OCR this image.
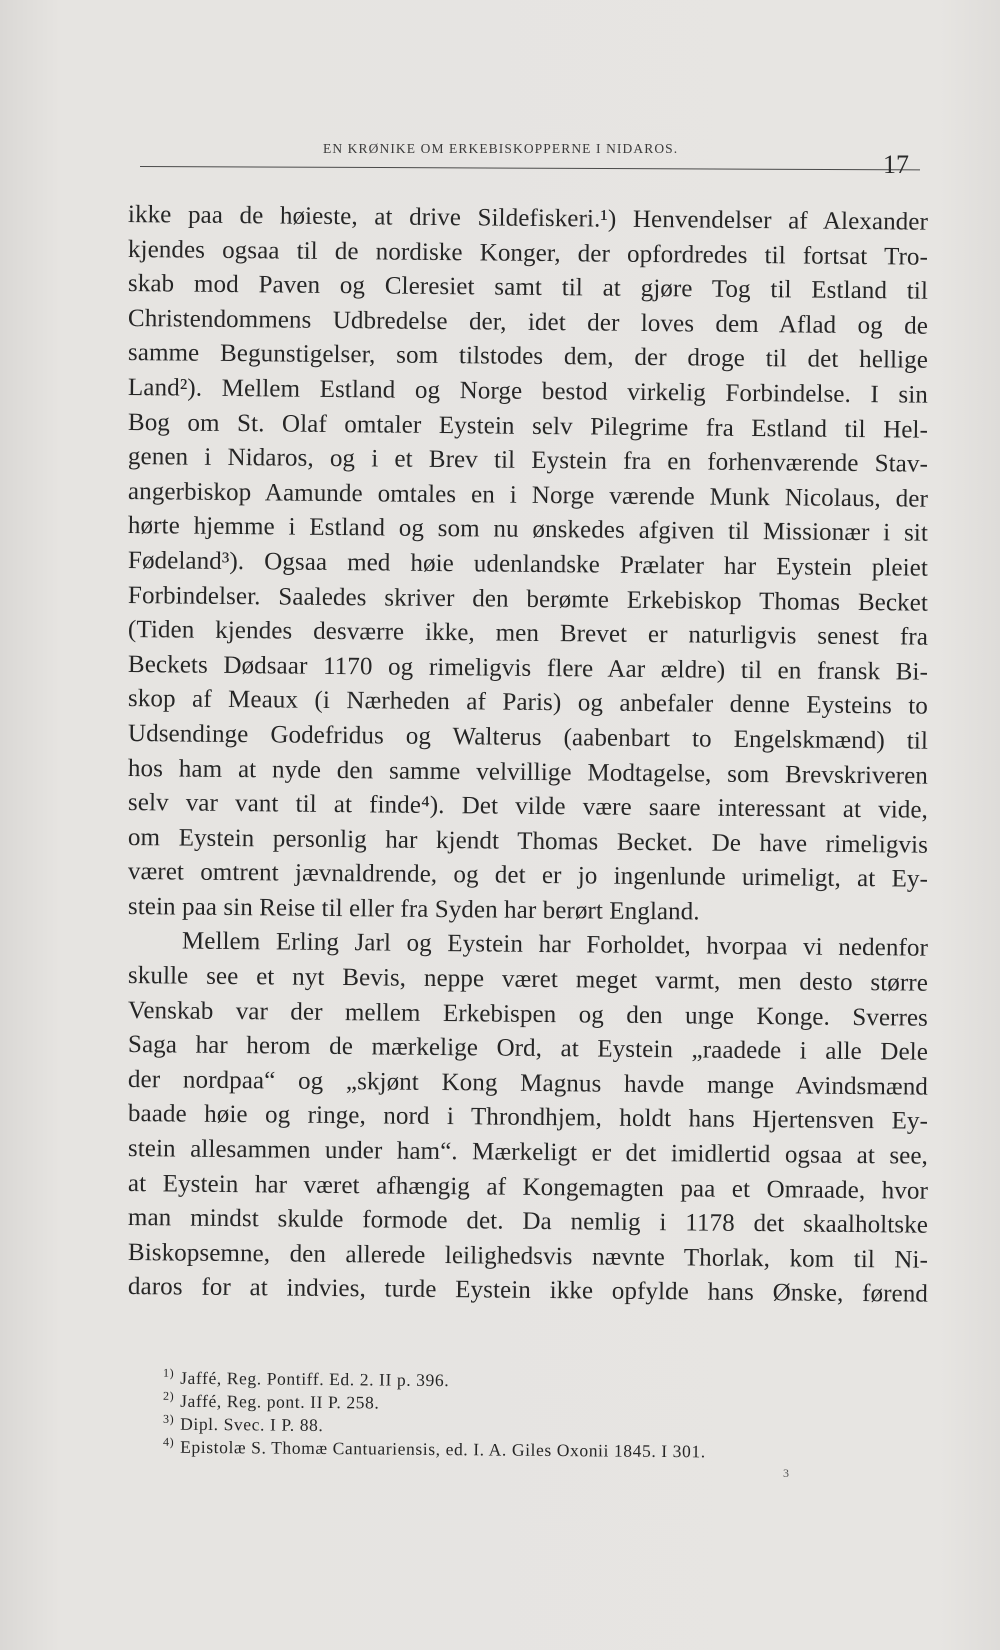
EN KRØNIKE OM ERKEBISKOPPERNE I NIDAROS.
17
ikke paa de høieste, at drive Sildefiskeri.¹) Henvendelser af Alexander
kjendes ogsaa til de nordiske Konger, der opfordredes til fortsat Tro-
skab mod Paven og Cleresiet samt til at gjøre Tog til Estland til
Christendommens Udbredelse der, idet der loves dem Aflad og de
samme Begunstigelser, som tilstodes dem, der droge til det hellige
Land²). Mellem Estland og Norge bestod virkelig Forbindelse. I sin
Bog om St. Olaf omtaler Eystein selv Pilegrime fra Estland til Hel-
genen i Nidaros, og i et Brev til Eystein fra en forhenværende Stav-
angerbiskop Aamunde omtales en i Norge værende Munk Nicolaus, der
hørte hjemme i Estland og som nu ønskedes afgiven til Missionær i sit
Fødeland³). Ogsaa med høie udenlandske Prælater har Eystein pleiet
Forbindelser. Saaledes skriver den berømte Erkebiskop Thomas Becket
(Tiden kjendes desværre ikke, men Brevet er naturligvis senest fra
Beckets Dødsaar 1170 og rimeligvis flere Aar ældre) til en fransk Bi-
skop af Meaux (i Nærheden af Paris) og anbefaler denne Eysteins to
Udsendinge Godefridus og Walterus (aabenbart to Engelskmænd) til
hos ham at nyde den samme velvillige Modtagelse, som Brevskriveren
selv var vant til at finde⁴). Det vilde være saare interessant at vide,
om Eystein personlig har kjendt Thomas Becket. De have rimeligvis
været omtrent jævnaldrende, og det er jo ingenlunde urimeligt, at Ey-
stein paa sin Reise til eller fra Syden har berørt England.
Mellem Erling Jarl og Eystein har Forholdet, hvorpaa vi nedenfor
skulle see et nyt Bevis, neppe været meget varmt, men desto større
Venskab var der mellem Erkebispen og den unge Konge. Sverres
Saga har herom de mærkelige Ord, at Eystein „raadede i alle Dele
der nordpaa“ og „skjønt Kong Magnus havde mange Avindsmænd
baade høie og ringe, nord i Throndhjem, holdt hans Hjertensven Ey-
stein allesammen under ham“. Mærkeligt er det imidlertid ogsaa at see,
at Eystein har været afhængig af Kongemagten paa et Omraade, hvor
man mindst skulde formode det. Da nemlig i 1178 det skaalholtske
Biskopsemne, den allerede leilighedsvis nævnte Thorlak, kom til Ni-
daros for at indvies, turde Eystein ikke opfylde hans Ønske, førend
$^{1)}$ Jaffé, Reg. Pontiff. Ed. 2. II p. 396.
$^{2)}$ Jaffé, Reg. pont. II P. 258.
$^{3)}$ Dipl. Svec. I P. 88.
$^{4)}$ Epistolæ S. Thomæ Cantuariensis, ed. I. A. Giles Oxonii 1845. I 301.
3
